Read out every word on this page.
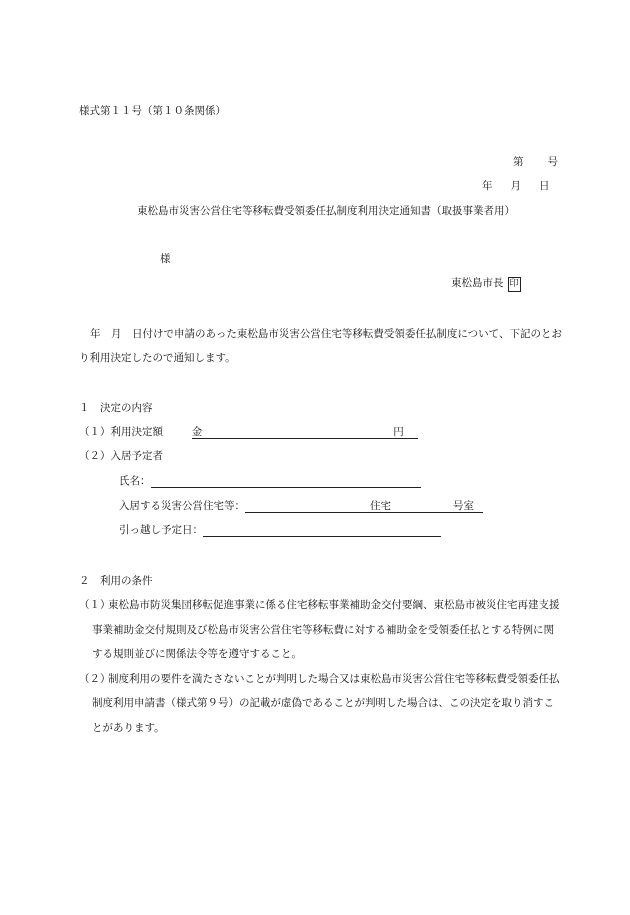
様式第１１号（第１０条関係）
第 号
年 月 日
東松島市災害公営住宅等移転費受領委任払制度利用決定通知書（取扱事業者用）
様
東松島市長 印
年　月　日付けで申請のあった東松島市災害公営住宅等移転費受領委任払制度について、下記のとお
り利用決定したので通知します。
１　決定の内容
（１）利用決定額	金	円
（２）入居予定者
氏名：
入居する災害公営住宅等：	住宅	号室
引っ越し予定日：
２　利用の条件
（１）
東松島市防災集団移転促進事業に係る住宅移転事業補助金交付要綱、東松島市被災住宅再建支援
事業補助金交付規則及び松島市災害公営住宅等移転費に対する補助金を受領委任払とする特例に関
する規則並びに関係法令等を遵守すること。
（２）
制度利用の要件を満たさないことが判明した場合又は東松島市災害公営住宅等移転費受領委任払
制度利用申請書（様式第９号）の記載が虚偽であることが判明した場合は、この決定を取り消すこ
とがあります。
